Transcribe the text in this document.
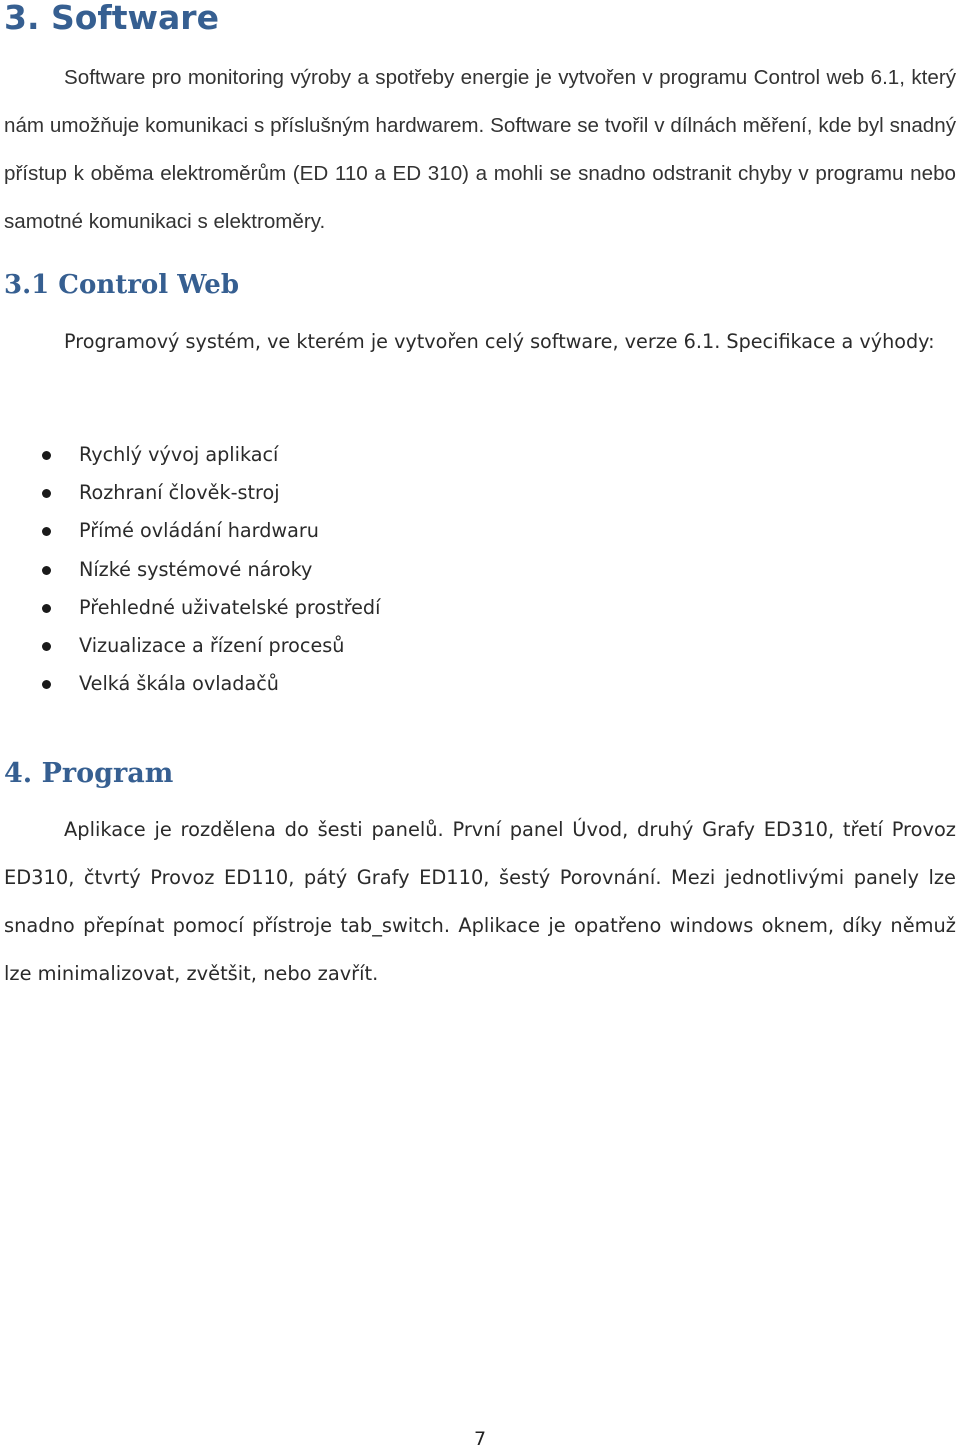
3. Software

Software pro monitoring výroby a spotřeby energie je vytvořen v programu Control web 6.1, který nám umožňuje komunikaci s příslušným hardwarem. Software se tvořil v dílnách měření, kde byl snadný přístup k oběma elektroměrům (ED 110 a ED 310) a mohli se snadno odstranit chyby v programu nebo samotné komunikaci s elektroměry.

3.1 Control Web

Programový systém, ve kterém je vytvořen celý software, verze 6.1. Specifikace a výhody:

Rychlý vývoj aplikací
Rozhraní člověk-stroj
Přímé ovládání hardwaru
Nízké systémové nároky
Přehledné uživatelské prostředí
Vizualizace a řízení procesů
Velká škála ovladačů
4. Program

Aplikace je rozdělena do šesti panelů. První panel Úvod, druhý Grafy ED310, třetí Provoz ED310, čtvrtý Provoz ED110, pátý Grafy ED110, šestý Porovnání. Mezi jednotlivými panely lze snadno přepínat pomocí přístroje tab_switch. Aplikace je opatřeno windows oknem, díky němuž lze minimalizovat, zvětšit, nebo zavřít.

7
